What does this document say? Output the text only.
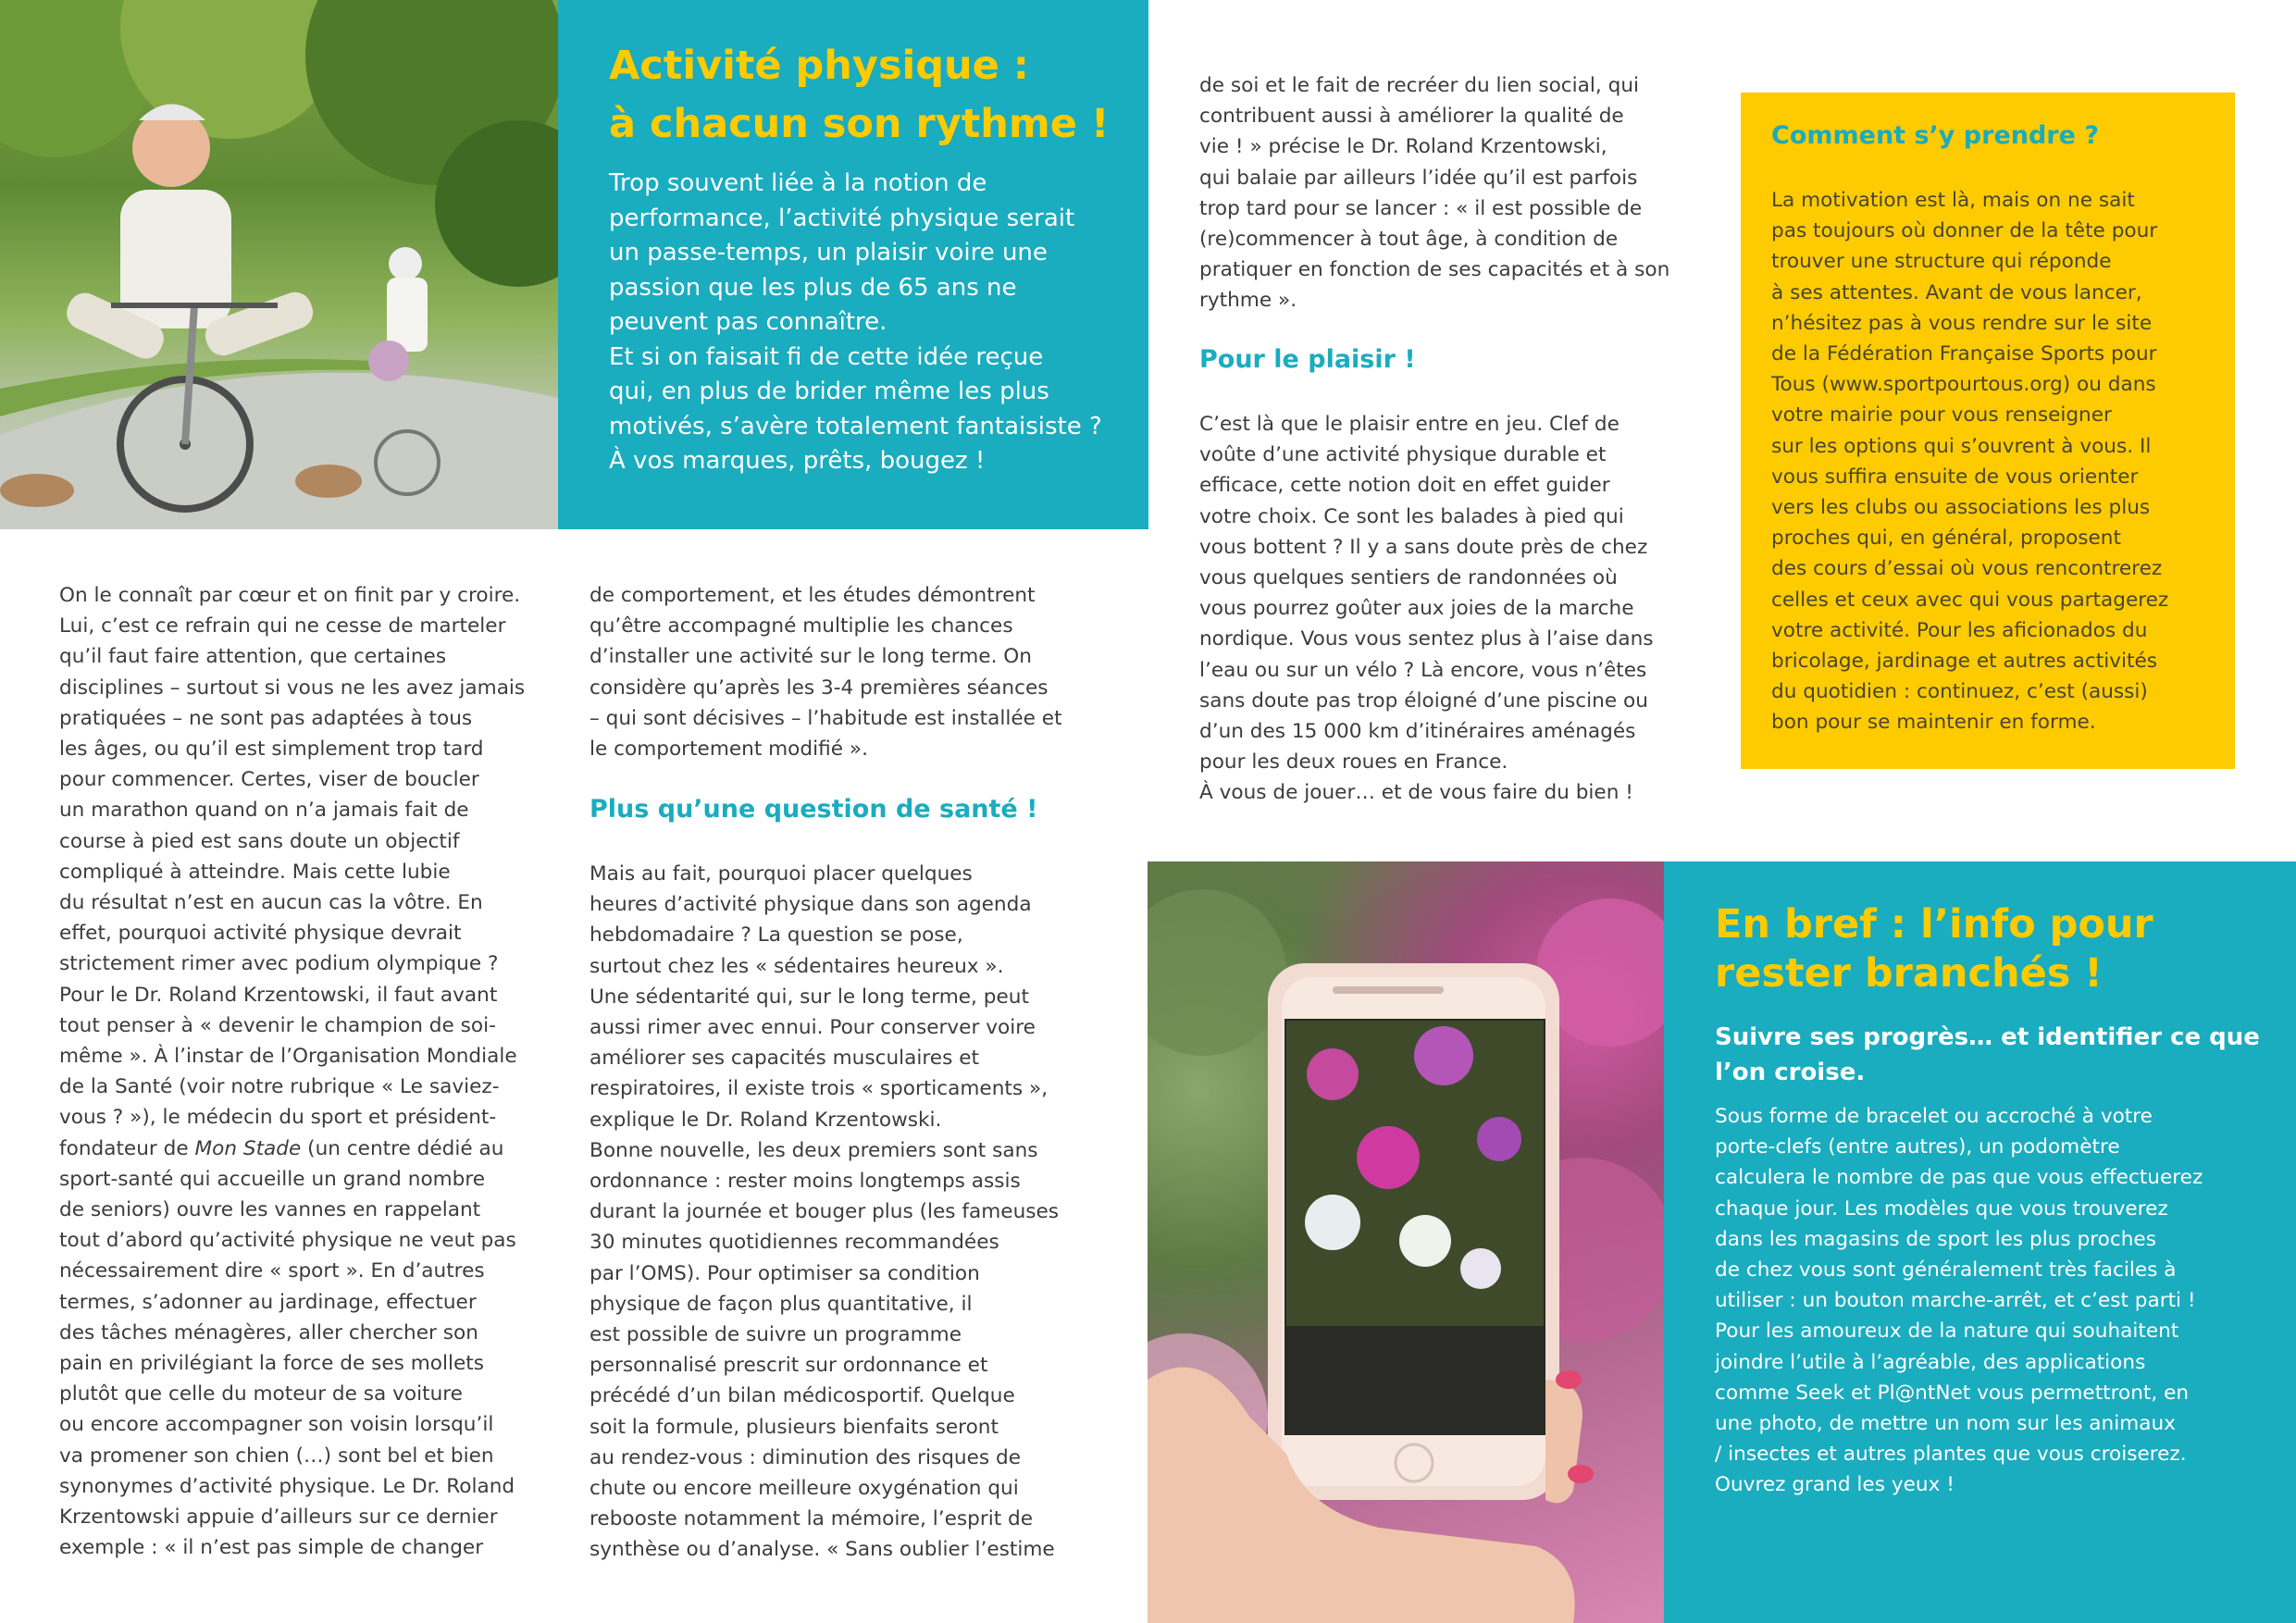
Activité physique :
à chacun son rythme !
Trop souvent liée à la notion de
performance, l’activité physique serait
un passe-temps, un plaisir voire une
passion que les plus de 65 ans ne
peuvent pas connaître.
Et si on faisait fi de cette idée reçue
qui, en plus de brider même les plus
motivés, s’avère totalement fantaisiste ?
À vos marques, prêts, bougez !
On le connaît par cœur et on finit par y croire.
Lui, c’est ce refrain qui ne cesse de marteler
qu’il faut faire attention, que certaines
disciplines – surtout si vous ne les avez jamais
pratiquées – ne sont pas adaptées à tous
les âges, ou qu’il est simplement trop tard
pour commencer. Certes, viser de boucler
un marathon quand on n’a jamais fait de
course à pied est sans doute un objectif
compliqué à atteindre. Mais cette lubie
du résultat n’est en aucun cas la vôtre. En
effet, pourquoi activité physique devrait
strictement rimer avec podium olympique ?
Pour le Dr. Roland Krzentowski, il faut avant
tout penser à « devenir le champion de soi-
même ». À l’instar de l’Organisation Mondiale
de la Santé (voir notre rubrique « Le saviez-
vous ? »), le médecin du sport et président-
fondateur de Mon Stade (un centre dédié au
sport-santé qui accueille un grand nombre
de seniors) ouvre les vannes en rappelant
tout d’abord qu’activité physique ne veut pas
nécessairement dire « sport ». En d’autres
termes, s’adonner au jardinage, effectuer
des tâches ménagères, aller chercher son
pain en privilégiant la force de ses mollets
plutôt que celle du moteur de sa voiture
ou encore accompagner son voisin lorsqu’il
va promener son chien (…) sont bel et bien
synonymes d’activité physique. Le Dr. Roland
Krzentowski appuie d’ailleurs sur ce dernier
exemple : « il n’est pas simple de changer
de comportement, et les études démontrent
qu’être accompagné multiplie les chances
d’installer une activité sur le long terme. On
considère qu’après les 3-4 premières séances
– qui sont décisives – l’habitude est installée et
le comportement modifié ».
Plus qu’une question de santé !
Mais au fait, pourquoi placer quelques
heures d’activité physique dans son agenda
hebdomadaire ? La question se pose,
surtout chez les « sédentaires heureux ».
Une sédentarité qui, sur le long terme, peut
aussi rimer avec ennui. Pour conserver voire
améliorer ses capacités musculaires et
respiratoires, il existe trois « sporticaments »,
explique le Dr. Roland Krzentowski.
Bonne nouvelle, les deux premiers sont sans
ordonnance : rester moins longtemps assis
durant la journée et bouger plus (les fameuses
30 minutes quotidiennes recommandées
par l’OMS). Pour optimiser sa condition
physique de façon plus quantitative, il
est possible de suivre un programme
personnalisé prescrit sur ordonnance et
précédé d’un bilan médicosportif. Quelque
soit la formule, plusieurs bienfaits seront
au rendez-vous : diminution des risques de
chute ou encore meilleure oxygénation qui
rebooste notamment la mémoire, l’esprit de
synthèse ou d’analyse. « Sans oublier l’estime
de soi et le fait de recréer du lien social, qui
contribuent aussi à améliorer la qualité de
vie ! » précise le Dr. Roland Krzentowski,
qui balaie par ailleurs l’idée qu’il est parfois
trop tard pour se lancer : « il est possible de
(re)commencer à tout âge, à condition de
pratiquer en fonction de ses capacités et à son
rythme ».
Pour le plaisir !
C’est là que le plaisir entre en jeu. Clef de
voûte d’une activité physique durable et
efficace, cette notion doit en effet guider
votre choix. Ce sont les balades à pied qui
vous bottent ? Il y a sans doute près de chez
vous quelques sentiers de randonnées où
vous pourrez goûter aux joies de la marche
nordique. Vous vous sentez plus à l’aise dans
l’eau ou sur un vélo ? Là encore, vous n’êtes
sans doute pas trop éloigné d’une piscine ou
d’un des 15 000 km d’itinéraires aménagés
pour les deux roues en France.
À vous de jouer… et de vous faire du bien !
Comment s’y prendre ?
La motivation est là, mais on ne sait
pas toujours où donner de la tête pour
trouver une structure qui réponde
à ses attentes. Avant de vous lancer,
n’hésitez pas à vous rendre sur le site
de la Fédération Française Sports pour
Tous (www.sportpourtous.org) ou dans
votre mairie pour vous renseigner
sur les options qui s’ouvrent à vous. Il
vous suffira ensuite de vous orienter
vers les clubs ou associations les plus
proches qui, en général, proposent
des cours d’essai où vous rencontrerez
celles et ceux avec qui vous partagerez
votre activité. Pour les aficionados du
bricolage, jardinage et autres activités
du quotidien : continuez, c’est (aussi)
bon pour se maintenir en forme.
En bref : l’info pour
rester branchés !
Suivre ses progrès… et identifier ce que
l’on croise.
Sous forme de bracelet ou accroché à votre
porte-clefs (entre autres), un podomètre
calculera le nombre de pas que vous effectuerez
chaque jour. Les modèles que vous trouverez
dans les magasins de sport les plus proches
de chez vous sont généralement très faciles à
utiliser : un bouton marche-arrêt, et c’est parti !
Pour les amoureux de la nature qui souhaitent
joindre l’utile à l’agréable, des applications
comme Seek et Pl@ntNet vous permettront, en
une photo, de mettre un nom sur les animaux
/ insectes et autres plantes que vous croiserez.
Ouvrez grand les yeux !
